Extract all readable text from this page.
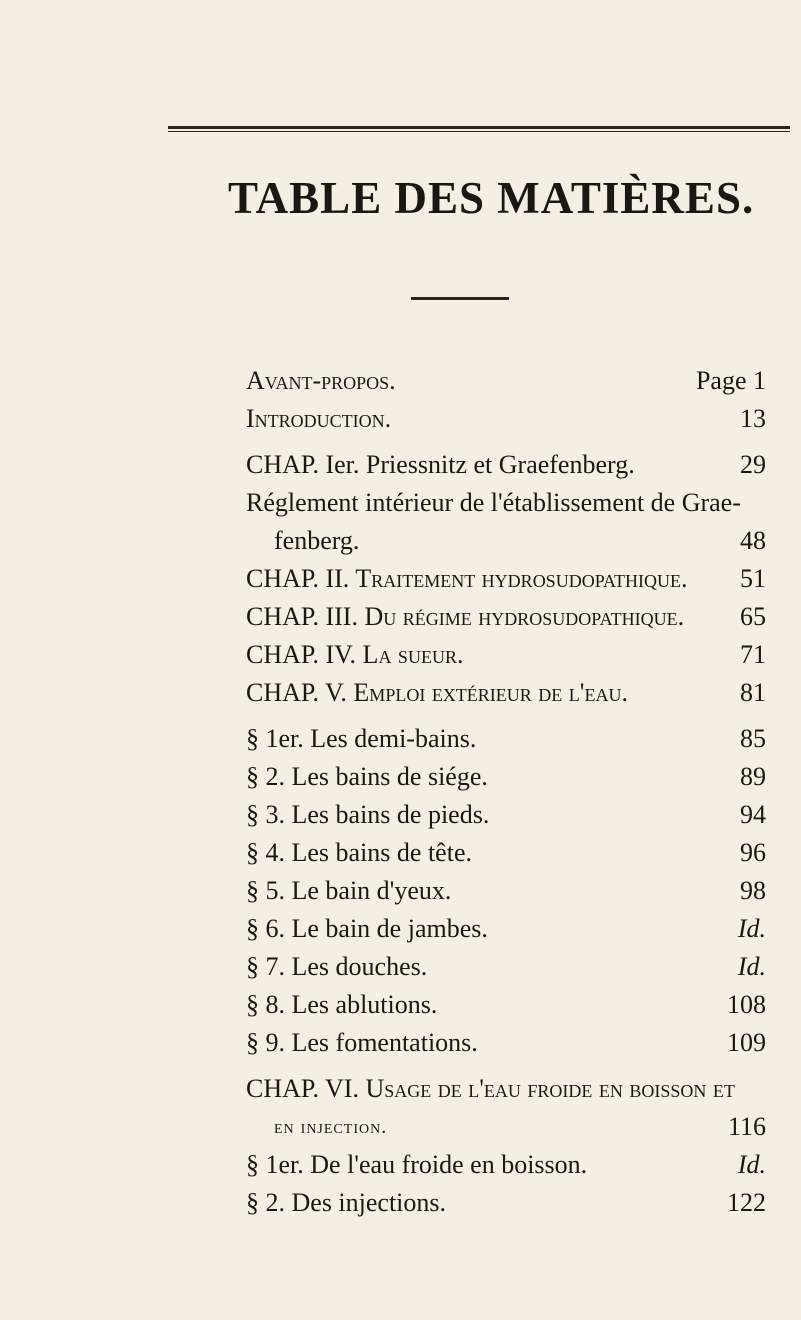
TABLE DES MATIÈRES.
Avant-propos.	Page 1
Introduction.	13
CHAP. Ier. Priessnitz et Graefenberg.	29
Réglement intérieur de l'établissement de Grae-
fenberg.	48
CHAP. II. Traitement hydrosudopathique. 51
CHAP. III. Du régime hydrosudopathique. 65
CHAP. IV. La sueur.	71
CHAP. V. Emploi extérieur de l'eau.	81
§ 1er. Les demi-bains.	85
§ 2. Les bains de siége.	89
§ 3. Les bains de pieds.	94
§ 4. Les bains de tête.	96
§ 5. Le bain d'yeux.	98
§ 6. Le bain de jambes.	Id.
§ 7. Les douches.	Id.
§ 8. Les ablutions.	108
§ 9. Les fomentations.	109
CHAP. VI. Usage de l'eau froide en boisson et
en injection.	116
§ 1er. De l'eau froide en boisson.	Id.
§ 2. Des injections.	122
